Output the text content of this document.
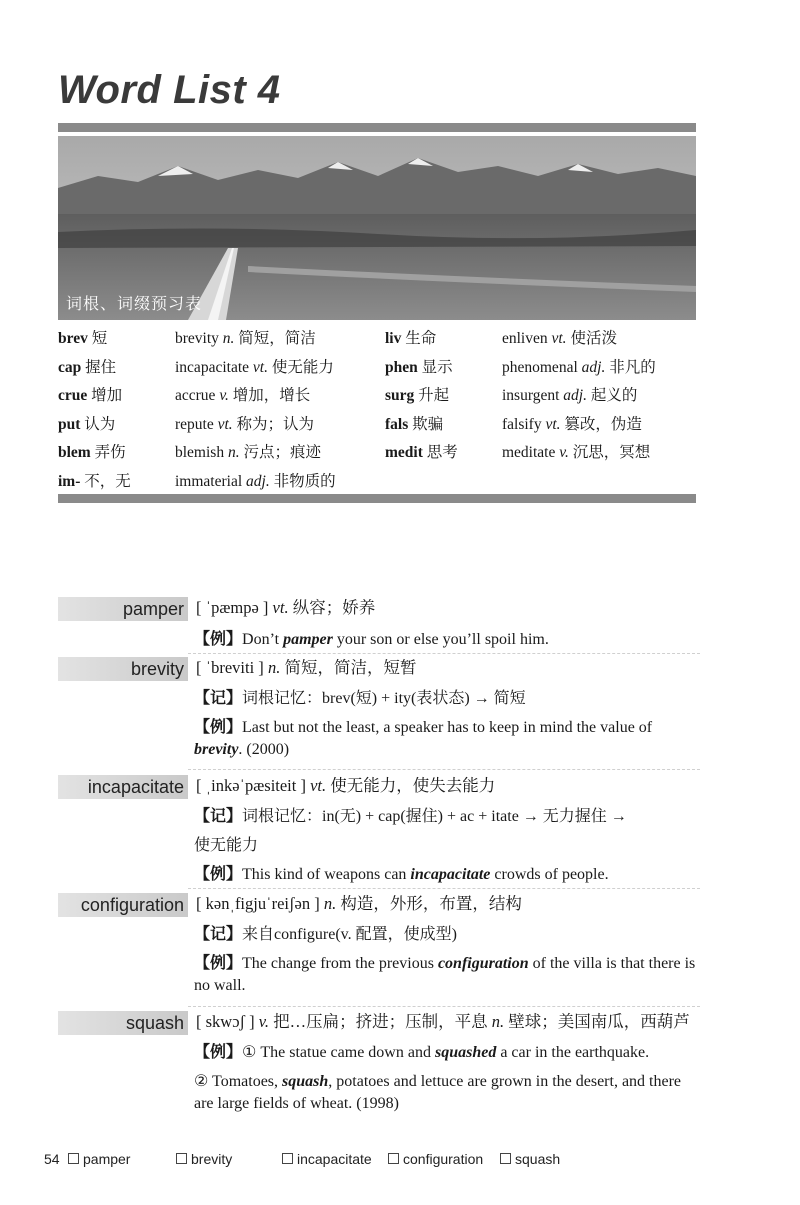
Word List 4
词根、词缀预习表
brev 短	brevity n. 简短，简洁	liv 生命	enliven vt. 使活泼
cap 握住	incapacitate vt. 使无能力	phen 显示	phenomenal adj. 非凡的
crue 增加	accrue v. 增加，增长	surg 升起	insurgent adj. 起义的
put 认为	repute vt. 称为；认为	fals 欺骗	falsify vt. 篡改，伪造
blem 弄伤	blemish n. 污点；痕迹	medit 思考	meditate v. 沉思，冥想
im- 不，无	immaterial adj. 非物质的
pamper [ ˈpæmpə ] vt. 纵容；娇养
【例】Don’t pamper your son or else you’ll spoil him.
brevity [ ˈbreviti ] n. 简短，简洁，短暂
【记】词根记忆：brev(短) + ity(表状态) → 简短
【例】Last but not the least, a speaker has to keep in mind the value of brevity. (2000)
incapacitate [ ˌinkəˈpæsiteit ] vt. 使无能力，使失去能力
【记】词根记忆：in(无) + cap(握住) + ac + itate → 无力握住 →
使无能力
【例】This kind of weapons can incapacitate crowds of people.
configuration [ kənˌfigjuˈreiʃən ] n. 构造，外形，布置，结构
【记】来自configure(v. 配置，使成型)
【例】The change from the previous configuration of the villa is that there is no wall.
squash [ skwɔʃ ] v. 把…压扁；挤进；压制，平息 n. 壁球；美国南瓜，西葫芦
【例】① The statue came down and squashed a car in the earthquake.
② Tomatoes, squash, potatoes and lettuce are grown in the desert, and there are large fields of wheat. (1998)
54	pamper	brevity	incapacitate	configuration	squash
